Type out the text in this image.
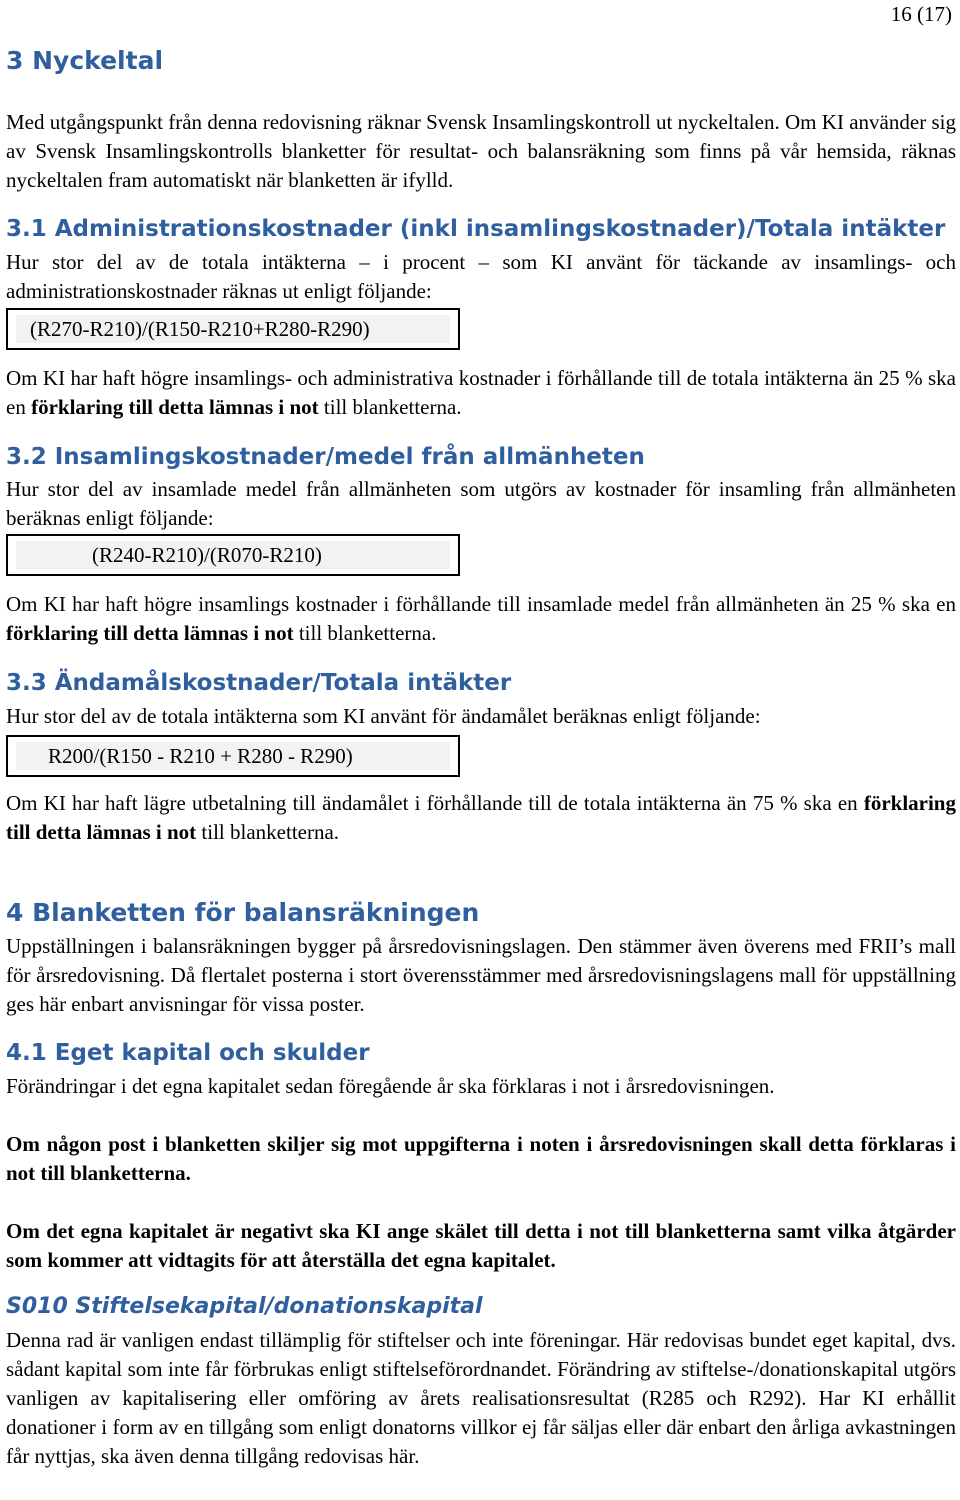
16 (17)
3 Nyckeltal

Med utgångspunkt från denna redovisning räknar Svensk Insamlingskontroll ut nyckeltalen. Om KI använder sig av Svensk Insamlingskontrolls blanketter för resultat- och balansräkning som finns på vår hemsida, räknas nyckeltalen fram automatiskt när blanketten är ifylld.

3.1 Administrationskostnader (inkl insamlingskostnader)/Totala intäkter

Hur stor del av de totala intäkterna – i procent – som KI använt för täckande av insamlings- och administrationskostnader räknas ut enligt följande:

(R270-R210)/(R150-R210+R280-R290)

Om KI har haft högre insamlings- och administrativa kostnader i förhållande till de totala intäkterna än 25 % ska en förklaring till detta lämnas i not till blanketterna.

3.2 Insamlingskostnader/medel från allmänheten

Hur stor del av insamlade medel från allmänheten som utgörs av kostnader för insamling från allmänheten beräknas enligt följande:

(R240-R210)/(R070-R210)

Om KI har haft högre insamlings kostnader i förhållande till insamlade medel från allmänheten än 25 % ska en förklaring till detta lämnas i not till blanketterna.

3.3 Ändamålskostnader/Totala intäkter

Hur stor del av de totala intäkterna som KI använt för ändamålet beräknas enligt följande:

R200/(R150 - R210 + R280 - R290)

Om KI har haft lägre utbetalning till ändamålet i förhållande till de totala intäkterna än 75 % ska en förklaring till detta lämnas i not till blanketterna.

4 Blanketten för balansräkningen

Uppställningen i balansräkningen bygger på årsredovisningslagen. Den stämmer även överens med FRII’s mall för årsredovisning. Då flertalet posterna i stort överensstämmer med årsredovisningslagens mall för uppställning ges här enbart anvisningar för vissa poster.

4.1 Eget kapital och skulder

Förändringar i det egna kapitalet sedan föregående år ska förklaras i not i årsredovisningen.

Om någon post i blanketten skiljer sig mot uppgifterna i noten i årsredovisningen skall detta förklaras i not till blanketterna.

Om det egna kapitalet är negativt ska KI ange skälet till detta i not till blanketterna samt vilka åtgärder som kommer att vidtagits för att återställa det egna kapitalet.

S010 Stiftelsekapital/donationskapital

Denna rad är vanligen endast tillämplig för stiftelser och inte föreningar. Här redovisas bundet eget kapital, dvs. sådant kapital som inte får förbrukas enligt stiftelseförordnandet. Förändring av stiftelse-/donationskapital utgörs vanligen av kapitalisering eller omföring av årets realisationsresultat (R285 och R292). Har KI erhållit donationer i form av en tillgång som enligt donatorns villkor ej får säljas eller där enbart den årliga avkastningen får nyttjas, ska även denna tillgång redovisas här.
